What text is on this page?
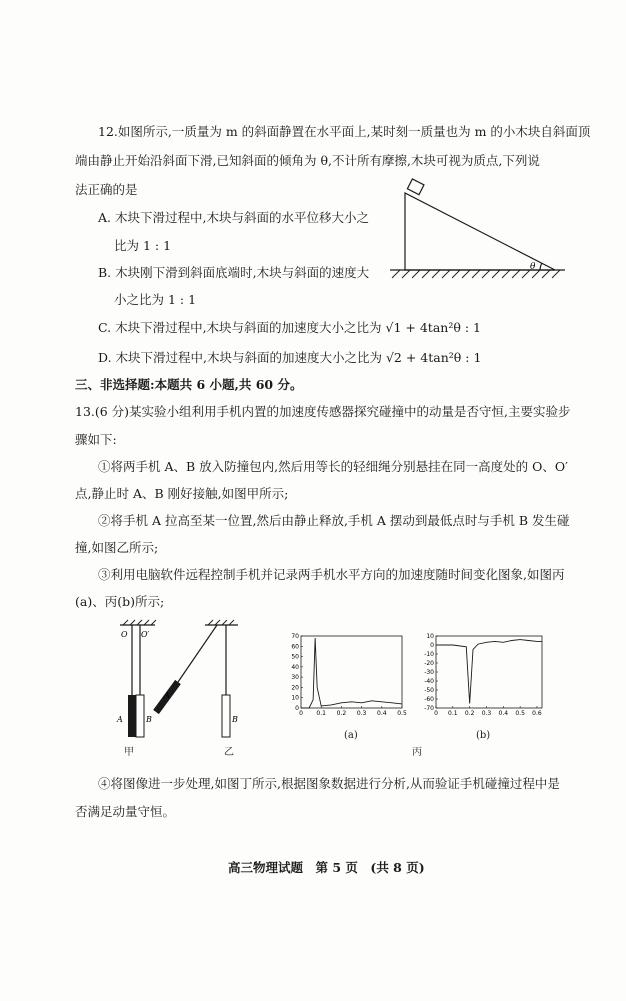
12.如图所示,一质量为 m 的斜面静置在水平面上,某时刻一质量也为 m 的小木块自斜面顶
端由静止开始沿斜面下滑,已知斜面的倾角为 θ,不计所有摩擦,木块可视为质点,下列说
法正确的是
A. 木块下滑过程中,木块与斜面的水平位移大小之
比为 1 : 1
B. 木块刚下滑到斜面底端时,木块与斜面的速度大
小之比为 1 : 1
C. 木块下滑过程中,木块与斜面的加速度大小之比为 √1 + 4tan²θ : 1
D. 木块下滑过程中,木块与斜面的加速度大小之比为 √2 + 4tan²θ : 1
θ
三、非选择题:本题共 6 小题,共 60 分。
13.(6 分)某实验小组利用手机内置的加速度传感器探究碰撞中的动量是否守恒,主要实验步
骤如下:
①将两手机 A、B 放入防撞包内,然后用等长的轻细绳分别悬挂在同一高度处的 O、O′
点,静止时 A、B 刚好接触,如图甲所示;
②将手机 A 拉高至某一位置,然后由静止释放,手机 A 摆动到最低点时与手机 B 发生碰
撞,如图乙所示;
③利用电脑软件远程控制手机并记录两手机水平方向的加速度随时间变化图象,如图丙
(a)、丙(b)所示;
O O′
A	B
A
B
甲	乙
0 0.1 0.2 0.3 0.4 0.5
0
10
20
30
40
50
60
70
(a)
0 0.1 0.2 0.3 0.4 0.5 0.6
10
0
-10
-20
-30
-40
-50
-60
-70
(b)
丙
④将图像进一步处理,如图丁所示,根据图象数据进行分析,从而验证手机碰撞过程中是
否满足动量守恒。
高三物理试题　第 5 页　(共 8 页)
